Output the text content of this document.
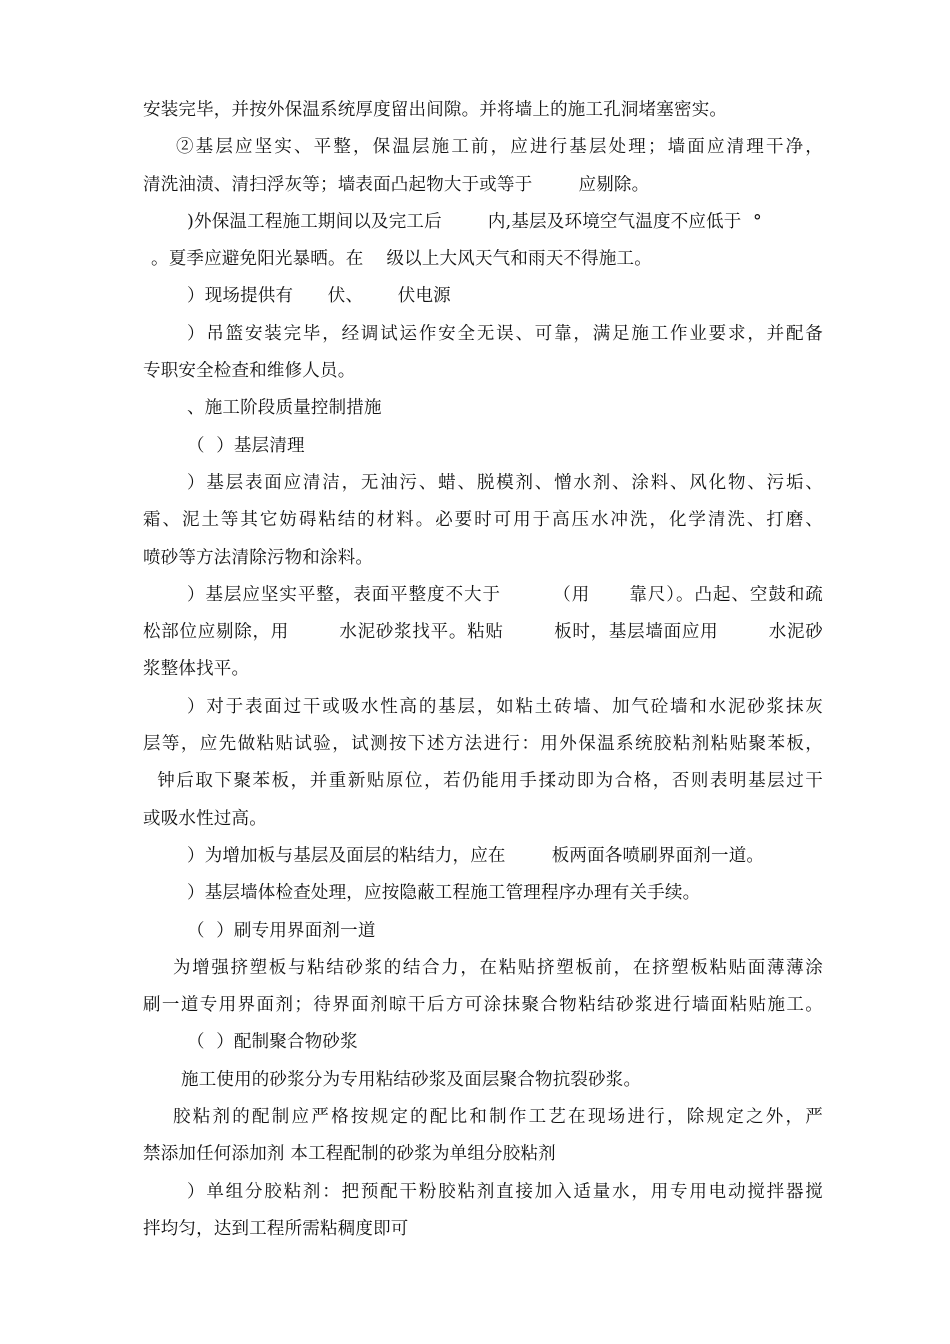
安装完毕，并按外保温系统厚度留出间隙。并将墙上的施工孔洞堵塞密实。
②基层应坚实、平整，保温层施工前，应进行基层处理；墙面应清理干净，
清洗油渍、清扫浮灰等；墙表面凸起物大于或等于        应剔除。
)外保温工程施工期间以及完工后        内,基层及环境空气温度不应低于  °
。夏季应避免阳光暴晒。在    级以上大风天气和雨天不得施工。
）现场提供有      伏、      伏电源
）吊篮安装完毕，经调试运作安全无误、可靠，满足施工作业要求，并配备
专职安全检查和维修人员。
、施工阶段质量控制措施
（  ）基层清理
）基层表面应清洁，无油污、蜡、脱模剂、憎水剂、涂料、风化物、污垢、
霜、泥土等其它妨碍粘结的材料。必要时可用于高压水冲洗，化学清洗、打磨、
喷砂等方法清除污物和涂料。
）基层应坚实平整，表面平整度不大于        （用      靠尺）。凸起、空鼓和疏
松部位应剔除，用        水泥砂浆找平。粘贴        板时，基层墙面应用        水泥砂
浆整体找平。
）对于表面过干或吸水性高的基层，如粘土砖墙、加气砼墙和水泥砂浆抹灰
层等，应先做粘贴试验，试测按下述方法进行：用外保温系统胶粘剂粘贴聚苯板，
钟后取下聚苯板，并重新贴原位，若仍能用手揉动即为合格，否则表明基层过干
或吸水性过高。
）为增加板与基层及面层的粘结力，应在        板两面各喷刷界面剂一道。
）基层墙体检查处理，应按隐蔽工程施工管理程序办理有关手续。
（  ）刷专用界面剂一道
为增强挤塑板与粘结砂浆的结合力，在粘贴挤塑板前，在挤塑板粘贴面薄薄涂
刷一道专用界面剂；待界面剂晾干后方可涂抹聚合物粘结砂浆进行墙面粘贴施工。
（  ）配制聚合物砂浆
施工使用的砂浆分为专用粘结砂浆及面层聚合物抗裂砂浆。
胶粘剂的配制应严格按规定的配比和制作工艺在现场进行，除规定之外，严
禁添加任何添加剂 本工程配制的砂浆为单组分胶粘剂
）单组分胶粘剂：把预配干粉胶粘剂直接加入适量水，用专用电动搅拌器搅
拌均匀，达到工程所需粘稠度即可
